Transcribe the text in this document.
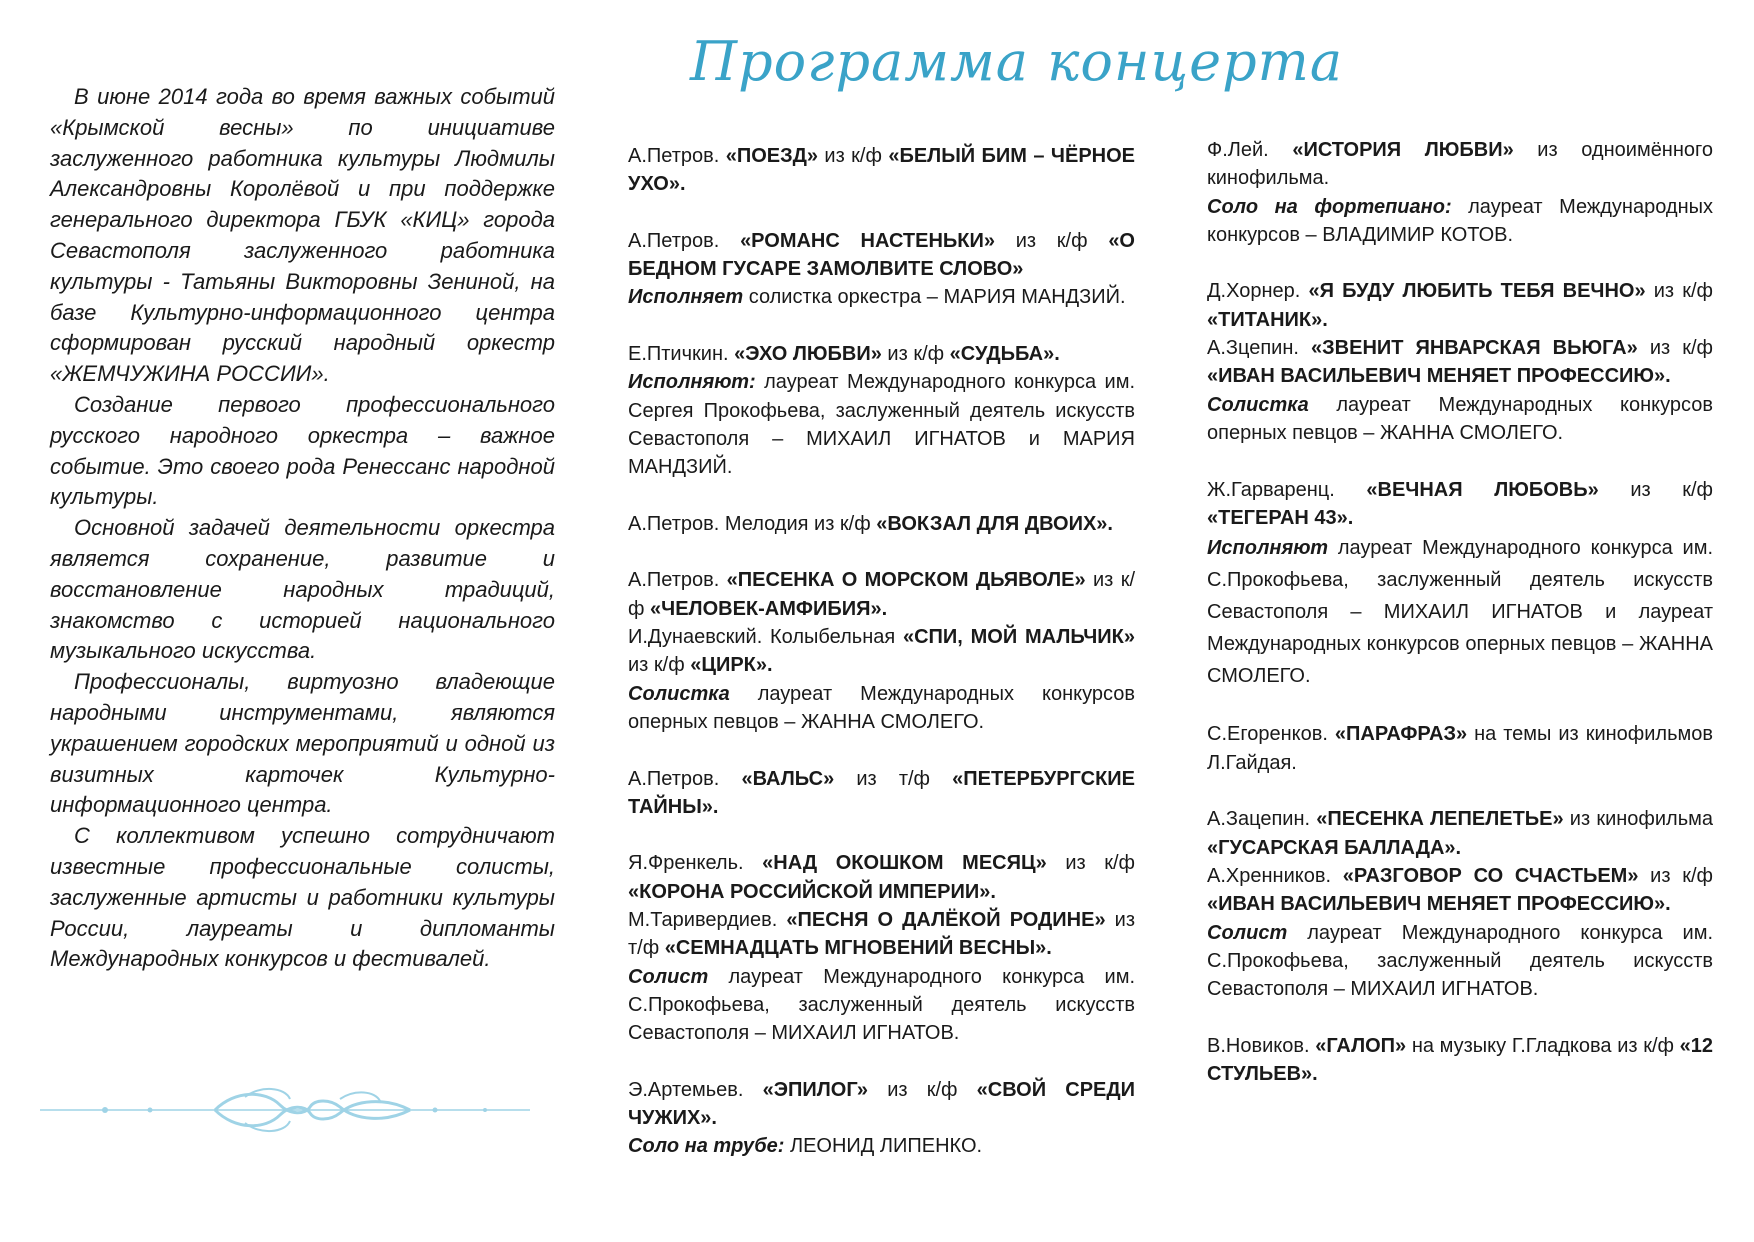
Программа концерта

В июне 2014 года во время важных событий «Крымской весны» по инициативе заслуженного работника культуры Людмилы Александровны Королёвой и при поддержке генерального директора ГБУК «КИЦ» города Севастополя заслуженного работника культуры - Татьяны Викторовны Зениной, на базе Культурно-информационного центра сформирован русский народный оркестр «ЖЕМЧУЖИНА РОССИИ».

Создание первого профессионального русского народного оркестра – важное событие. Это своего рода Ренессанс народной культуры.

Основной задачей деятельности оркестра является сохранение, развитие и восстановление народных традиций, знакомство с историей национального музыкального искусства.

Профессионалы, виртуозно владеющие народными инструментами, являются украшением городских мероприятий и одной из визитных карточек Культурно-информационного центра.

С коллективом успешно сотрудничают известные профессиональные солисты, заслуженные артисты и работники культуры России, лауреаты и дипломанты Международных конкурсов и фестивалей.

А.Петров. «ПОЕЗД» из к/ф «БЕЛЫЙ БИМ – ЧЁРНОЕ УХО».

А.Петров. «РОМАНС НАСТЕНЬКИ» из к/ф «О БЕДНОМ ГУСАРЕ ЗАМОЛВИТЕ СЛОВО»

Исполняет солистка оркестра – МАРИЯ МАНДЗИЙ.

Е.Птичкин. «ЭХО ЛЮБВИ» из к/ф «СУДЬБА».

Исполняют: лауреат Международного конкурса им. Сергея Прокофьева, заслуженный деятель искусств Севастополя – МИХАИЛ ИГНАТОВ и МАРИЯ МАНДЗИЙ.

А.Петров. Мелодия из к/ф «ВОКЗАЛ ДЛЯ ДВОИХ».

А.Петров. «ПЕСЕНКА О МОРСКОМ ДЬЯВОЛЕ» из к/ф «ЧЕЛОВЕК-АМФИБИЯ».

И.Дунаевский. Колыбельная «СПИ, МОЙ МАЛЬЧИК» из к/ф «ЦИРК».

Солистка лауреат Международных конкурсов оперных певцов – ЖАННА СМОЛЕГО.

А.Петров. «ВАЛЬС» из т/ф «ПЕТЕРБУРГСКИЕ ТАЙНЫ».

Я.Френкель. «НАД ОКОШКОМ МЕСЯЦ» из к/ф «КОРОНА РОССИЙСКОЙ ИМПЕРИИ».

М.Таривердиев. «ПЕСНЯ О ДАЛЁКОЙ РОДИНЕ» из т/ф «СЕМНАДЦАТЬ МГНОВЕНИЙ ВЕСНЫ».

Солист лауреат Международного конкурса им. С.Прокофьева, заслуженный деятель искусств Севастополя – МИХАИЛ ИГНАТОВ.

Э.Артемьев. «ЭПИЛОГ» из к/ф «СВОЙ СРЕДИ ЧУЖИХ».

Соло на трубе: ЛЕОНИД ЛИПЕНКО.

Ф.Лей. «ИСТОРИЯ ЛЮБВИ» из одноимённого кинофильма.

Соло на фортепиано: лауреат Международных конкурсов – ВЛАДИМИР КОТОВ.

Д.Хорнер. «Я БУДУ ЛЮБИТЬ ТЕБЯ ВЕЧНО» из к/ф «ТИТАНИК».

А.Зцепин. «ЗВЕНИТ ЯНВАРСКАЯ ВЬЮГА» из к/ф «ИВАН ВАСИЛЬЕВИЧ МЕНЯЕТ ПРОФЕССИЮ».

Солистка лауреат Международных конкурсов оперных певцов – ЖАННА СМОЛЕГО.

Ж.Гарваренц. «ВЕЧНАЯ ЛЮБОВЬ» из к/ф «ТЕГЕРАН 43».

Исполняют лауреат Международного конкурса им. С.Прокофьева, заслуженный деятель искусств Севастополя – МИХАИЛ ИГНАТОВ и лауреат Международных конкурсов оперных певцов – ЖАННА СМОЛЕГО.

С.Егоренков. «ПАРАФРАЗ» на темы из кинофильмов Л.Гайдая.

А.Зацепин. «ПЕСЕНКА ЛЕПЕЛЕТЬЕ» из кинофильма «ГУСАРСКАЯ БАЛЛАДА».

А.Хренников. «РАЗГОВОР СО СЧАСТЬЕМ» из к/ф «ИВАН ВАСИЛЬЕВИЧ МЕНЯЕТ ПРОФЕССИЮ».

Солист лауреат Международного конкурса им. С.Прокофьева, заслуженный деятель искусств Севастополя – МИХАИЛ ИГНАТОВ.

В.Новиков. «ГАЛОП» на музыку Г.Гладкова из к/ф «12 СТУЛЬЕВ».
